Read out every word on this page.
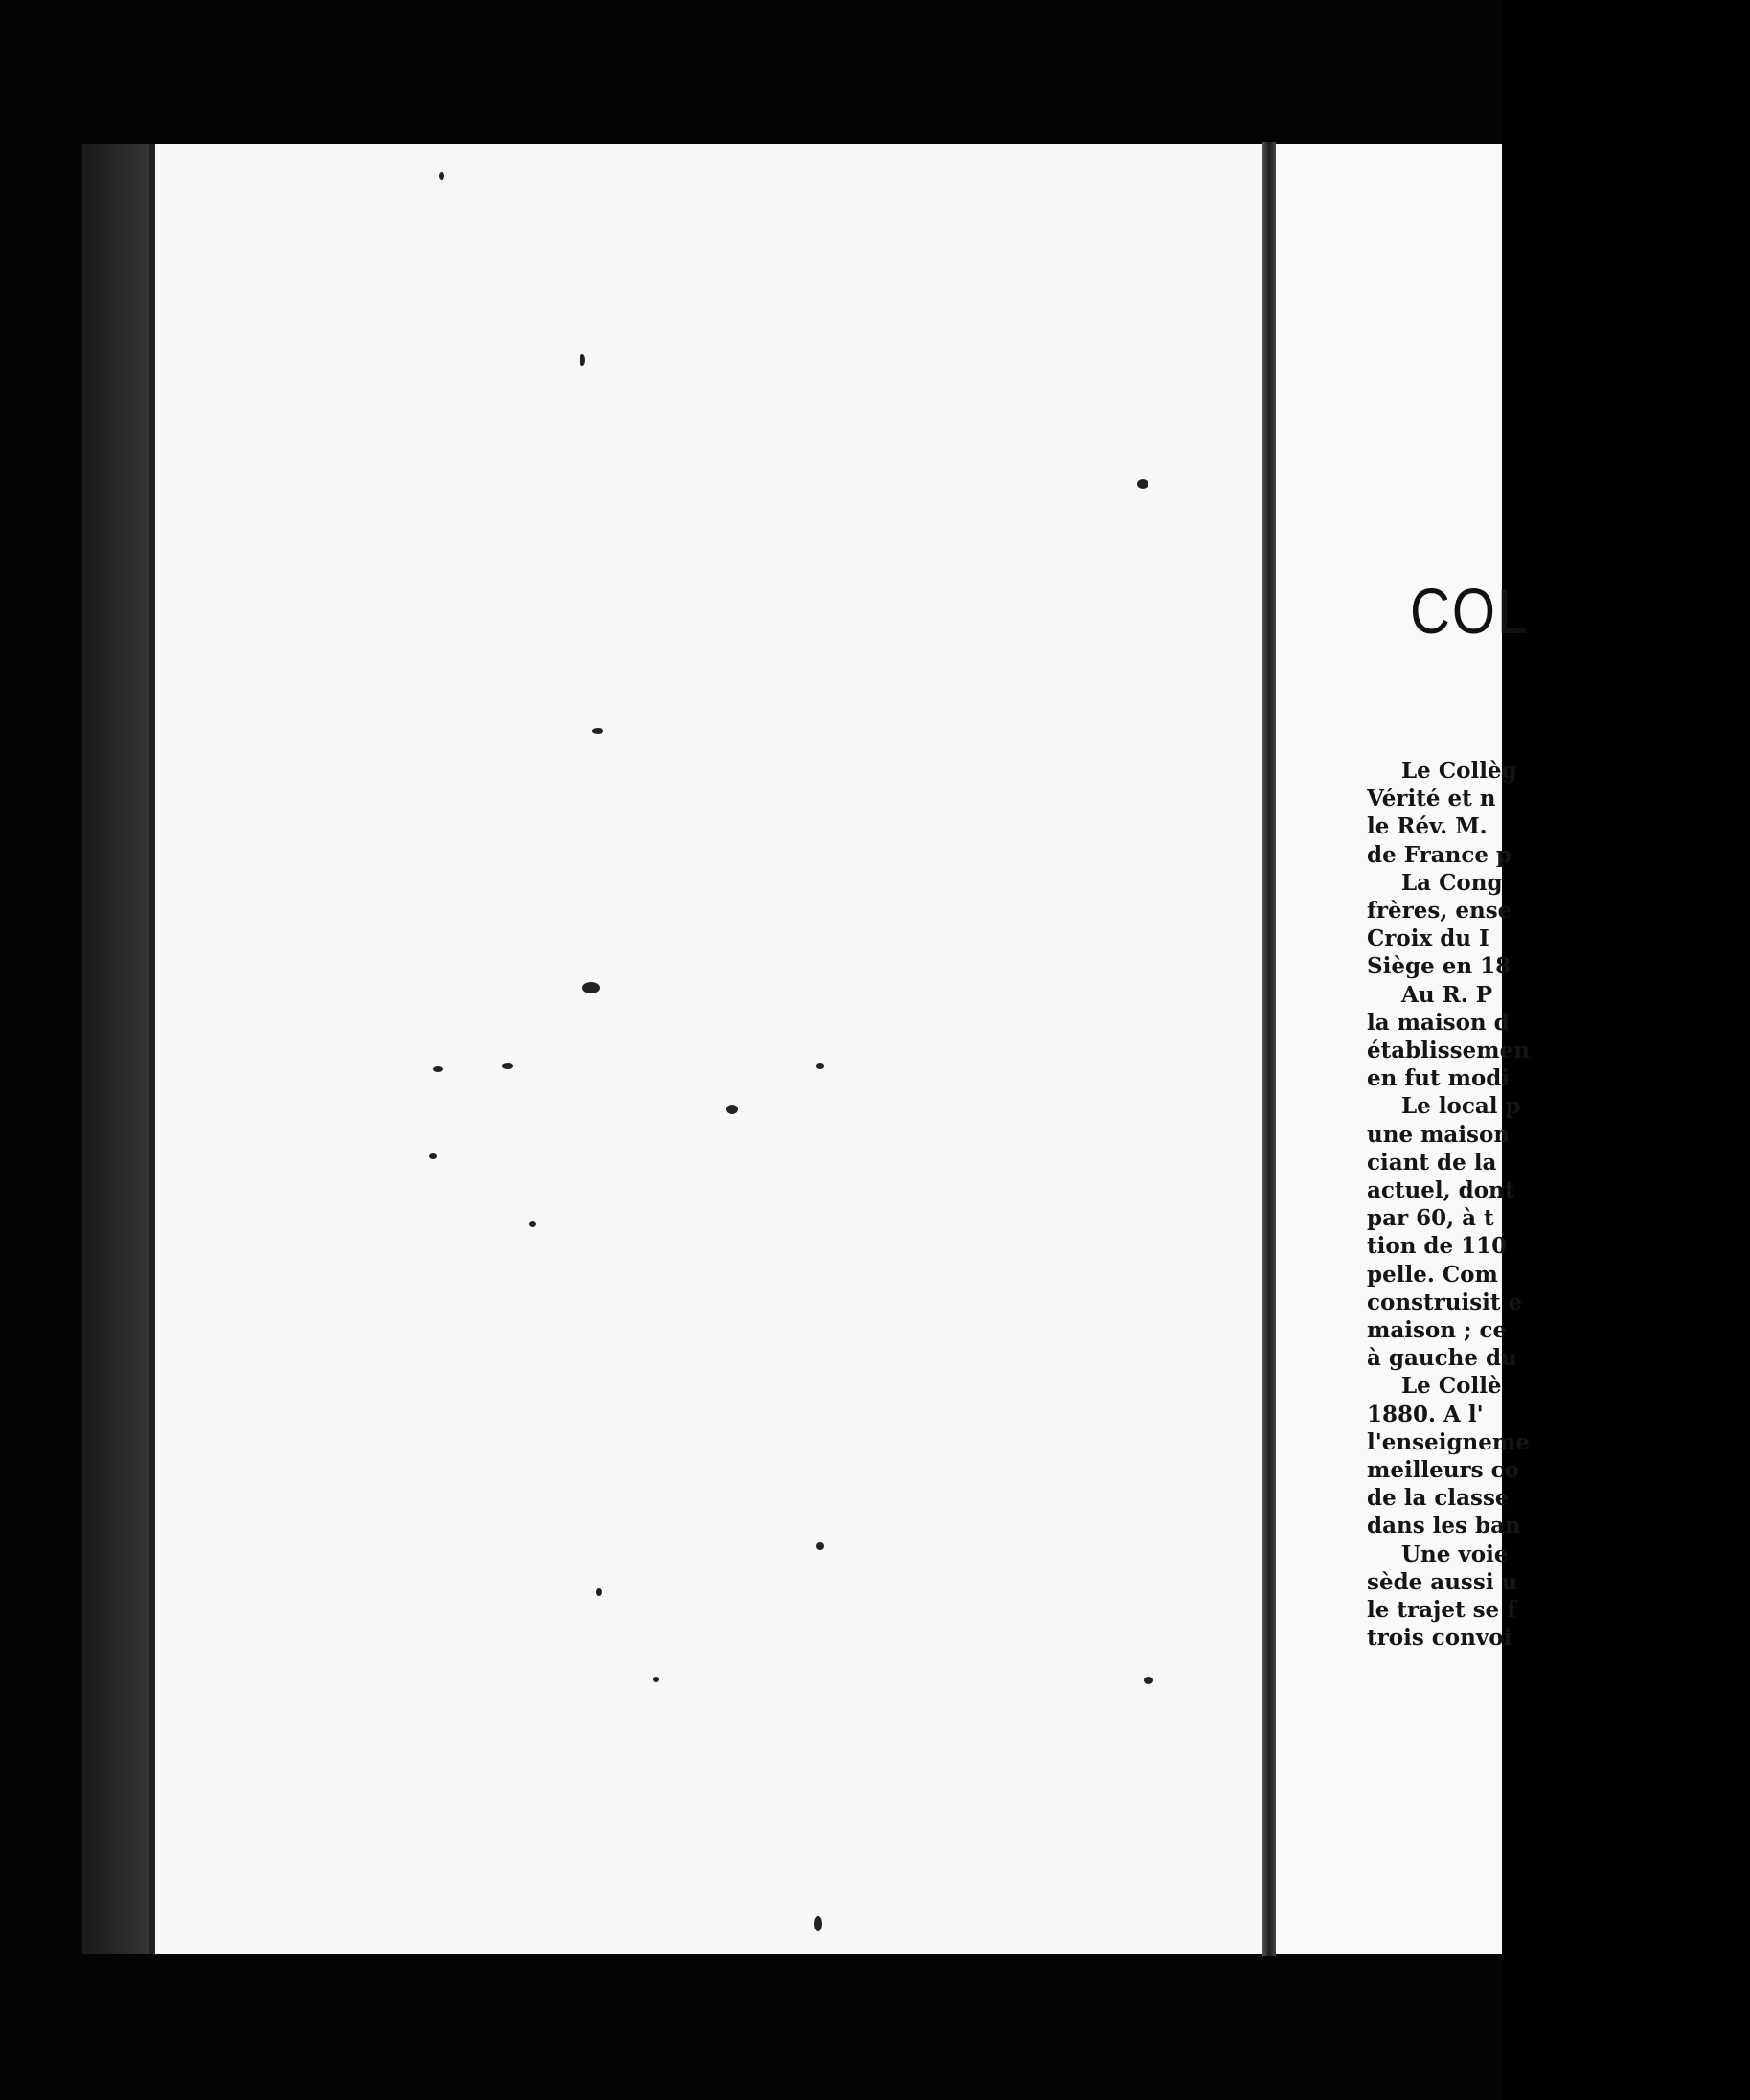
COL
Le Collèg
Vérité et n
le Rév. M.
de France p
La Cong
frères, ense
Croix du I
Siège en 18
Au R. P
la maison d
établissemen
en fut modi
Le local p
une maison
ciant de la
actuel, dont
par 60, à t
tion de 110
pelle. Com
construisit e
maison ; ce
à gauche du
Le Collè
1880. A l'
l'enseigneme
meilleurs co
de la classe
dans les ban
Une voie
sède aussi u
le trajet se f
trois convoi
